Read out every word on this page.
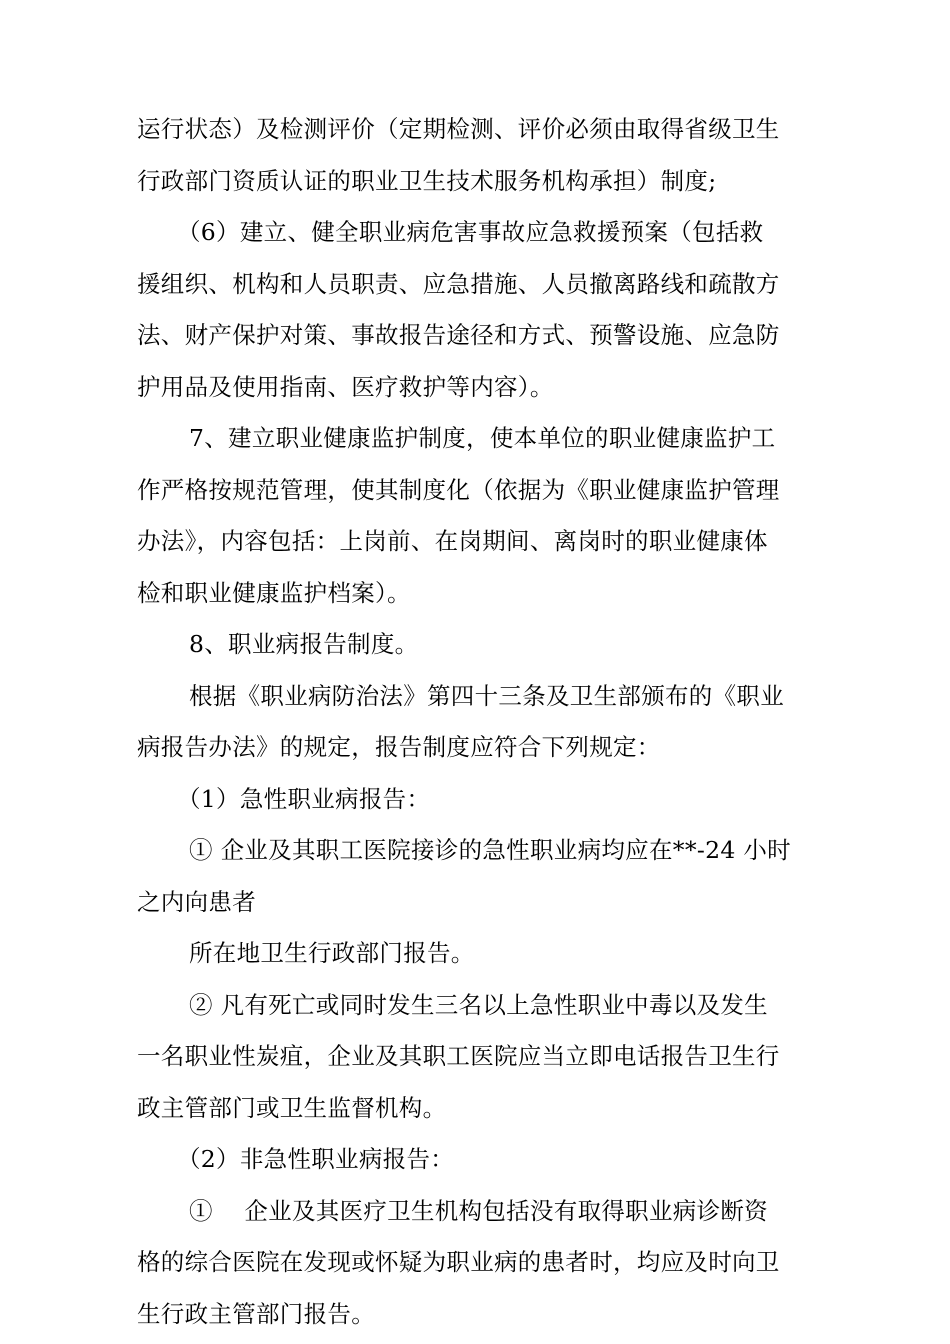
运行状态）及检测评价（定期检测、评价必须由取得省级卫生

行政部门资质认证的职业卫生技术服务机构承担）制度;

（6）建立、健全职业病危害事故应急救援预案（包括救

援组织、机构和人员职责、应急措施、人员撤离路线和疏散方

法、财产保护对策、事故报告途径和方式、预警设施、应急防

护用品及使用指南、医疗救护等内容）。

7、建立职业健康监护制度，使本单位的职业健康监护工

作严格按规范管理，使其制度化（依据为《职业健康监护管理

办法》，内容包括：上岗前、在岗期间、离岗时的职业健康体

检和职业健康监护档案）。

8、职业病报告制度。

根据《职业病防治法》第四十三条及卫生部颁布的《职业

病报告办法》的规定，报告制度应符合下列规定：

（1）急性职业病报告：

① 企业及其职工医院接诊的急性职业病均应在**-24 小时

之内向患者

所在地卫生行政部门报告。

② 凡有死亡或同时发生三名以上急性职业中毒以及发生

一名职业性炭疽，企业及其职工医院应当立即电话报告卫生行

政主管部门或卫生监督机构。

（2）非急性职业病报告：

①　 企业及其医疗卫生机构包括没有取得职业病诊断资

格的综合医院在发现或怀疑为职业病的患者时，均应及时向卫

生行政主管部门报告。
